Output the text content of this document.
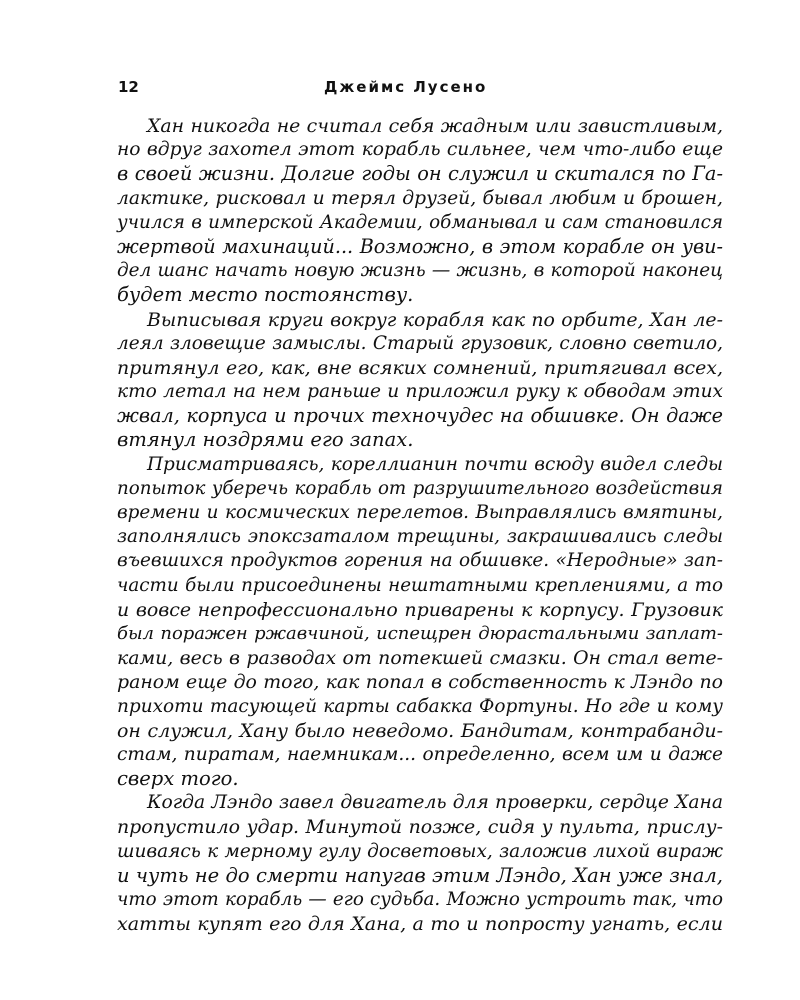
12	Джеймс Лусено
Хан никогда не считал себя жадным или завистливым,
но вдруг захотел этот корабль сильнее, чем что-либо еще
в своей жизни. Долгие годы он служил и скитался по Га-
лактике, рисковал и терял друзей, бывал любим и брошен,
учился в имперской Академии, обманывал и сам становился
жертвой махинаций... Возможно, в этом корабле он уви-
дел шанс начать новую жизнь — жизнь, в которой наконец
будет место постоянству.
Выписывая круги вокруг корабля как по орбите, Хан ле-
леял зловещие замыслы. Старый грузовик, словно светило,
притянул его, как, вне всяких сомнений, притягивал всех,
кто летал на нем раньше и приложил руку к обводам этих
жвал, корпуса и прочих техночудес на обшивке. Он даже
втянул ноздрями его запах.
Присматриваясь, кореллианин почти всюду видел следы
попыток уберечь корабль от разрушительного воздействия
времени и космических перелетов. Выправлялись вмятины,
заполнялись эпоксзаталом трещины, закрашивались следы
въевшихся продуктов горения на обшивке. «Неродные» зап-
части были присоединены нештатными креплениями, а то
и вовсе непрофессионально приварены к корпусу. Грузовик
был поражен ржавчиной, испещрен дюрастальными заплат-
ками, весь в разводах от потекшей смазки. Он стал вете-
раном еще до того, как попал в собственность к Лэндо по
прихоти тасующей карты сабакка Фортуны. Но где и кому
он служил, Хану было неведомо. Бандитам, контрабанди-
стам, пиратам, наемникам... определенно, всем им и даже
сверх того.
Когда Лэндо завел двигатель для проверки, сердце Хана
пропустило удар. Минутой позже, сидя у пульта, прислу-
шиваясь к мерному гулу досветовых, заложив лихой вираж
и чуть не до смерти напугав этим Лэндо, Хан уже знал,
что этот корабль — его судьба. Можно устроить так, что
хатты купят его для Хана, а то и попросту угнать, если
